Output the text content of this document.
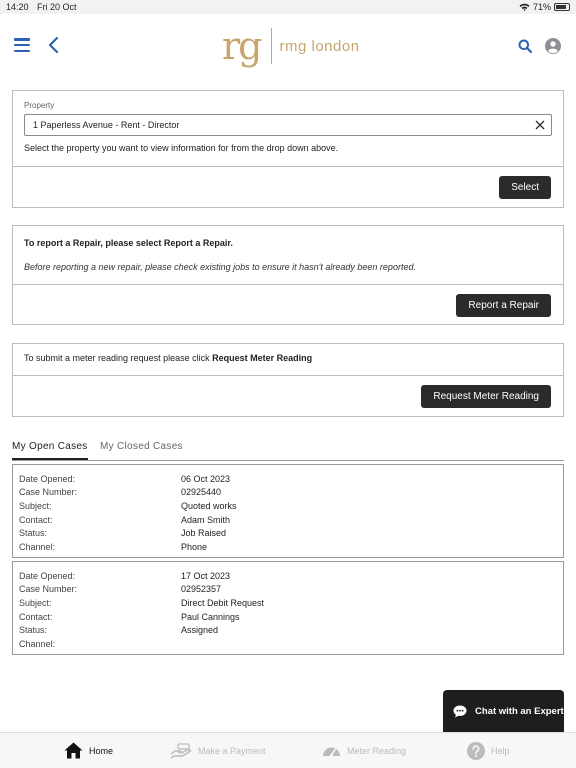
14:20 Fri 20 Oct	71%
rg rmg london
Property
1 Paperless Avenue - Rent - Director
Select the property you want to view information for from the drop down above.
Select
To report a Repair, please select Report a Repair.
Before reporting a new repair, please check existing jobs to ensure it hasn't already been reported.
Report a Repair
To submit a meter reading request please click Request Meter Reading
Request Meter Reading
My Open Cases My Closed Cases
Date Opened:	06 Oct 2023
Case Number:	02925440
Subject:	Quoted works
Contact:	Adam Smith
Status:	Job Raised
Channel:	Phone
Date Opened:	17 Oct 2023
Case Number:	02952357
Subject:	Direct Debit Request
Contact:	Paul Cannings
Status:	Assigned
Channel:
Chat with an Expert
Home	Make a Payment	Meter Reading	Help
